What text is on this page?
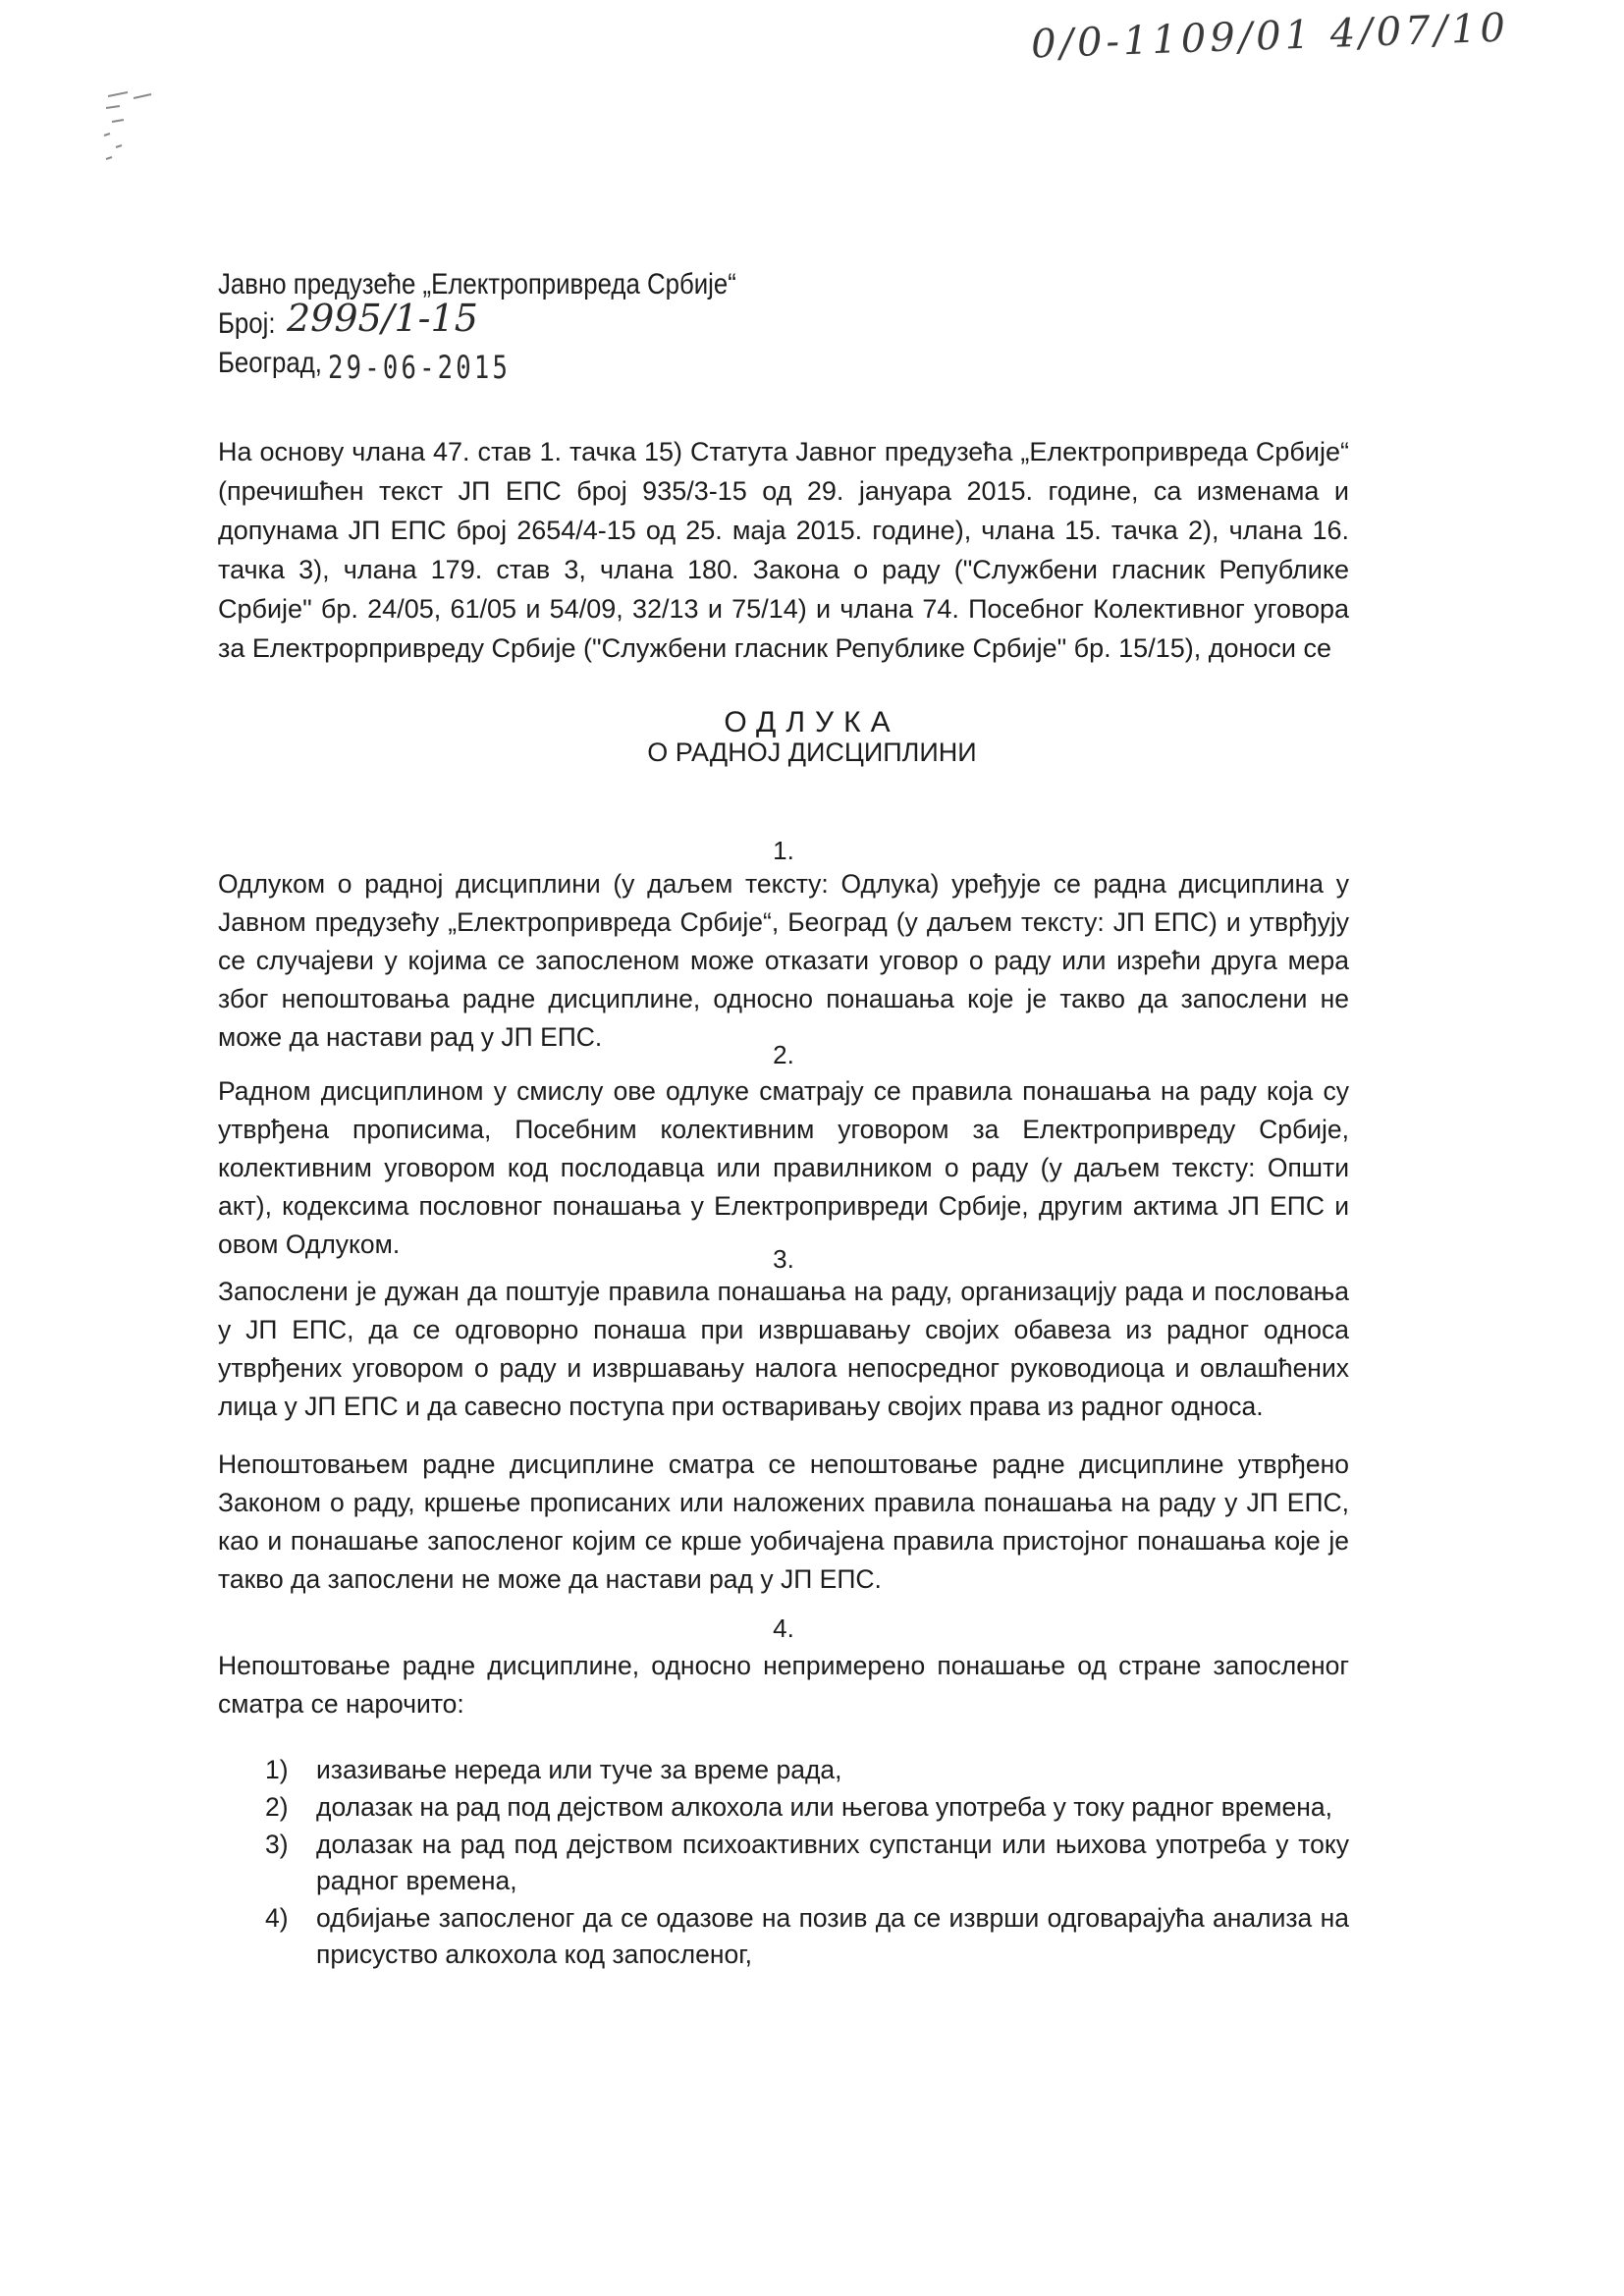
0/0-1109/01 4/07/10
Јавно предузеће „Електропривреда Србије“
Број: 2995/1-15
Београд, 29-06-2015
На основу члана 47. став 1. тачка 15) Статута Јавног предузећа „Електропривреда Србије“ (пречишћен текст ЈП ЕПС број 935/3-15 од 29. јануара 2015. године, са изменама и допунама ЈП ЕПС број 2654/4-15 од 25. маја 2015. године), члана 15. тачка 2), члана 16. тачка 3), члана 179. став 3, члана 180. Закона о раду ("Службени гласник Републике Србије" бр. 24/05, 61/05 и 54/09, 32/13 и 75/14) и члана 74. Посебног Колективног уговора за Електрорпривреду Србије ("Службени гласник Републике Србије" бр. 15/15), доноси се
ОДЛУКА
О РАДНОЈ ДИСЦИПЛИНИ
1.
Одлуком о радној дисциплини (у даљем тексту: Одлука) уређује се радна дисциплина у Јавном предузећу „Електропривреда Србије“, Београд (у даљем тексту: ЈП ЕПС) и утврђују се случајеви у којима се запосленом може отказати уговор о раду или изрећи друга мера због непоштовања радне дисциплине, односно понашања које је такво да запослени не може да настави рад у ЈП ЕПС.
2.
Радном дисциплином у смислу ове одлуке сматрају се правила понашања на раду која су утврђена прописима, Посебним колективним уговором за Електропривреду Србије, колективним уговором код послодавца или правилником о раду (у даљем тексту: Општи акт), кодексима пословног понашања у Електропривреди Србије, другим актима ЈП ЕПС и овом Одлуком.	3.
Запослени је дужан да поштује правила понашања на раду, организацију рада и пословања у ЈП ЕПС, да се одговорно понаша при извршавању својих обавеза из радног односа утврђених уговором о раду и извршавању налога непосредног руководиоца и овлашћених лица у ЈП ЕПС и да савесно поступа при остваривању својих права из радног односа.
Непоштовањем радне дисциплине сматра се непоштовање радне дисциплине утврђено Законом о раду, кршење прописаних или наложених правила понашања на раду у ЈП ЕПС, као и понашање запосленог којим се крше уобичајена правила пристојног понашања које је такво да запослени не може да настави рад у ЈП ЕПС.
4.
Непоштовање радне дисциплине, односно непримерено понашање од стране запосленог сматра се нарочито:
1) изазивање нереда или туче за време рада,
2) долазак на рад под дејством алкохола или његова употреба у току радног времена,
3) долазак на рад под дејством психоактивних супстанци или њихова употреба у току радног времена,
4) одбијање запосленог да се одазове на позив да се изврши одговарајућа анализа на присуство алкохола код запосленог,
